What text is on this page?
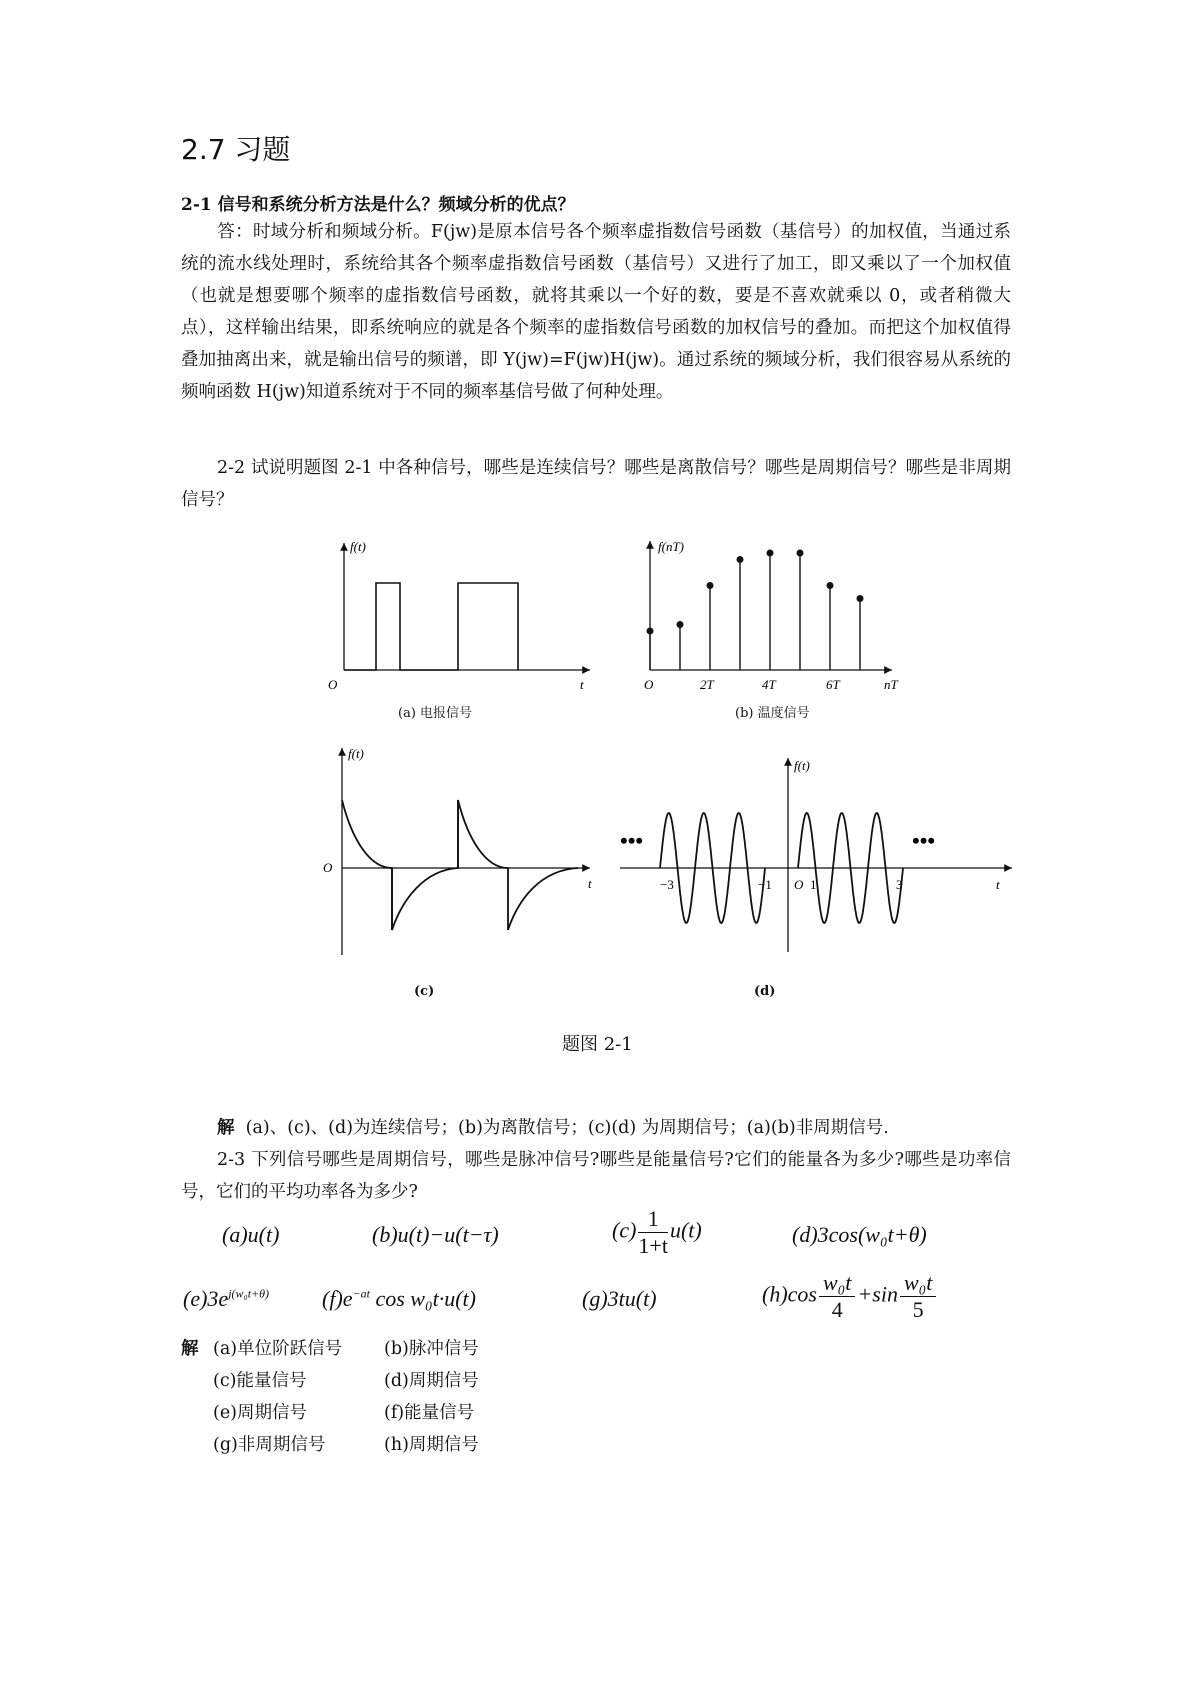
2.7 习题
2-1 信号和系统分析方法是什么？频域分析的优点？
答：时域分析和频域分析。F(jw)是原本信号各个频率虚指数信号函数（基信号）的加权值，当通过系统的流水线处理时，系统给其各个频率虚指数信号函数（基信号）又进行了加工，即又乘以了一个加权值（也就是想要哪个频率的虚指数信号函数，就将其乘以一个好的数，要是不喜欢就乘以 0，或者稍微大点），这样输出结果，即系统响应的就是各个频率的虚指数信号函数的加权信号的叠加。而把这个加权值得叠加抽离出来，就是输出信号的频谱，即 Y(jw)=F(jw)H(jw)。通过系统的频域分析，我们很容易从系统的频响函数 H(jw)知道系统对于不同的频率基信号做了何种处理。
2-2 试说明题图 2-1 中各种信号，哪些是连续信号？哪些是离散信号？哪些是周期信号？哪些是非周期信号？
f(t)
O	t
(a) 电报信号
f(nT)
O	2T	4T	6T	nT
(b) 温度信号
f(t)
O
t
(c)
f(t)
−3	−1 O 1	3	t
•••	•••
(d)
题图 2-1
解 (a)、(c)、(d)为连续信号；(b)为离散信号；(c)(d) 为周期信号；(a)(b)非周期信号.
2-3 下列信号哪些是周期信号，哪些是脉冲信号?哪些是能量信号?它们的能量各为多少?哪些是功率信号，它们的平均功率各为多少?
(a)u(t)	(b)u(t)−u(t−τ)	$(c) \frac{1}{1+t} u(t)$	(d)3cos(w₀t+θ)
$(e)3e^{j(w_0t+\theta)}$ $(f)e^{-at}$ cos w₀t·u(t)	(g)3tu(t)	$(h)\cos \frac{\text{w₀t}}{4} +\sin \frac{\text{w₀t}}{5}$
解 (a)单位阶跃信号 (b)脉冲信号
(c)能量信号	(d)周期信号
(e)周期信号	(f)能量信号
(g)非周期信号	(h)周期信号
